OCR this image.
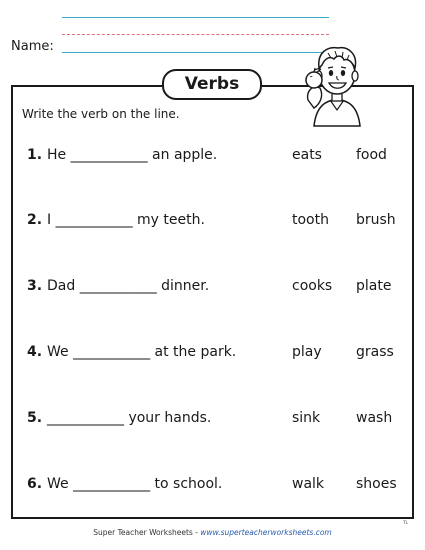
Name:
Verbs
Write the verb on the line.
1. He ___________ an apple.	eats food
2. I ___________ my teeth.	tooth brush
3. Dad ___________ dinner.	cooks plate
4. We ___________ at the park.	play grass
5. ___________ your hands.	sink	wash
6. We ___________ to school.	walk shoes
Super Teacher Worksheets - www.superteacherworksheets.com
TL
